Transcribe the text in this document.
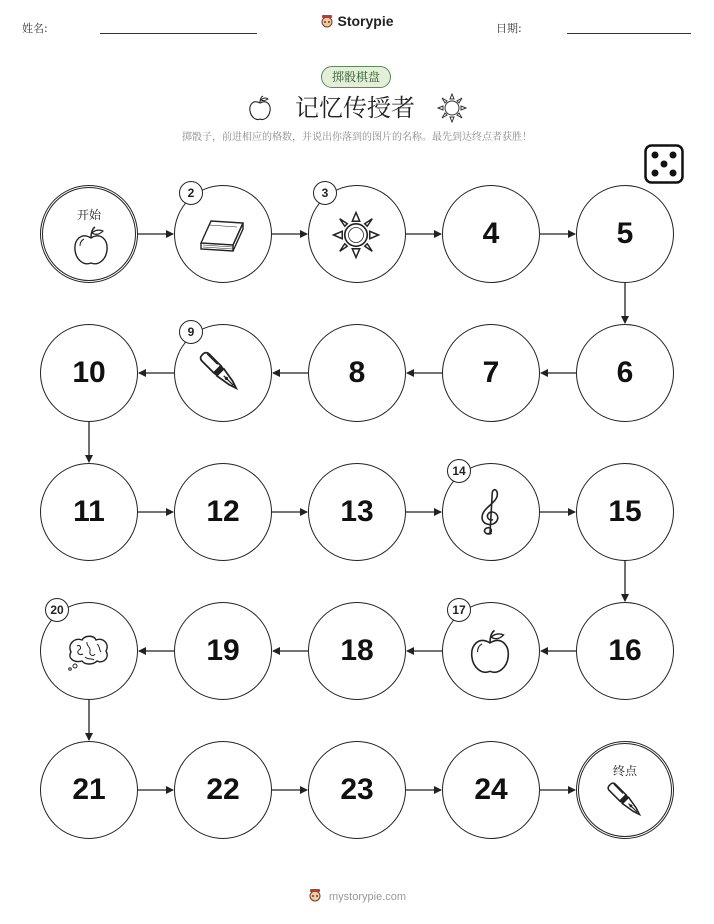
姓名:	Storypie	日期:
掷骰棋盘
记忆传授者
掷骰子，前进相应的格数，并说出你落到的图片的名称。最先到达终点者获胜！
开始
2	3
4	5
6
7
8
9
10
11	12	13
14
15
16
17
18
19
20
21	22	23	24
终点
mystorypie.com
